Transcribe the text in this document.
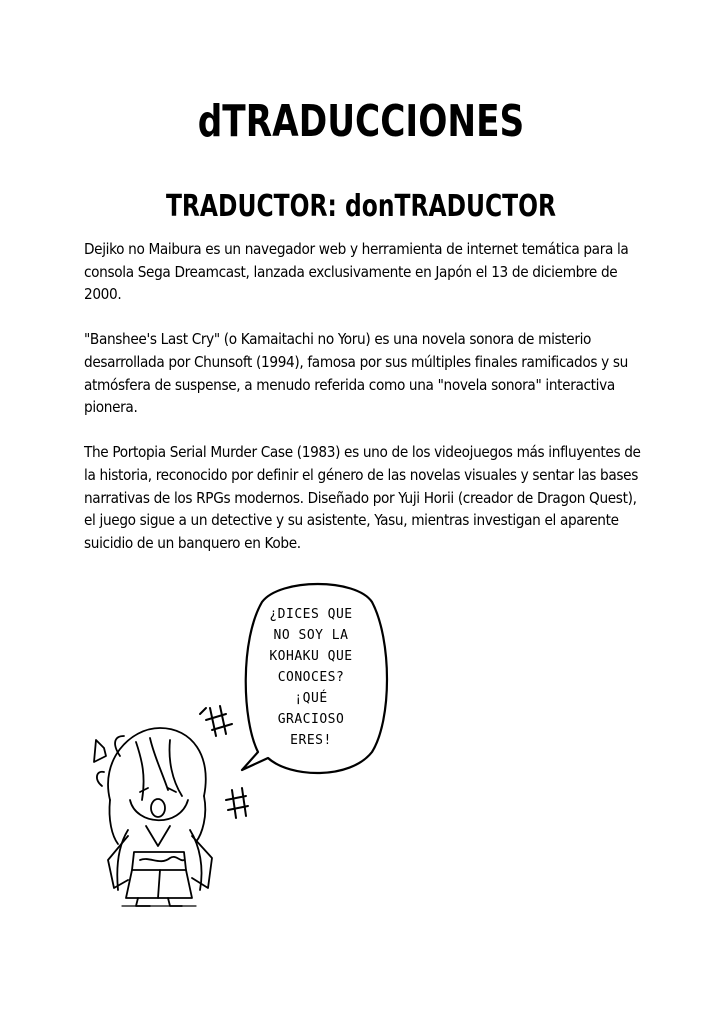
dTRADUCCIONES
TRADUCTOR: donTRADUCTOR

Dejiko no Maibura es un navegador web y herramienta de internet temática para la consola Sega Dreamcast, lanzada exclusivamente en Japón el 13 de diciembre de 2000.

"Banshee's Last Cry" (o Kamaitachi no Yoru) es una novela sonora de misterio desarrollada por Chunsoft (1994), famosa por sus múltiples finales ramificados y su atmósfera de suspense, a menudo referida como una "novela sonora" interactiva pionera.

The Portopia Serial Murder Case (1983) es uno de los videojuegos más influyentes de la historia, reconocido por definir el género de las novelas visuales y sentar las bases narrativas de los RPGs modernos. Diseñado por Yuji Horii (creador de Dragon Quest), el juego sigue a un detective y su asistente, Yasu, mientras investigan el aparente suicidio de un banquero en Kobe.

¿DICES QUE
NO SOY LA
KOHAKU QUE
CONOCES?
¡QUÉ
GRACIOSO
ERES!
